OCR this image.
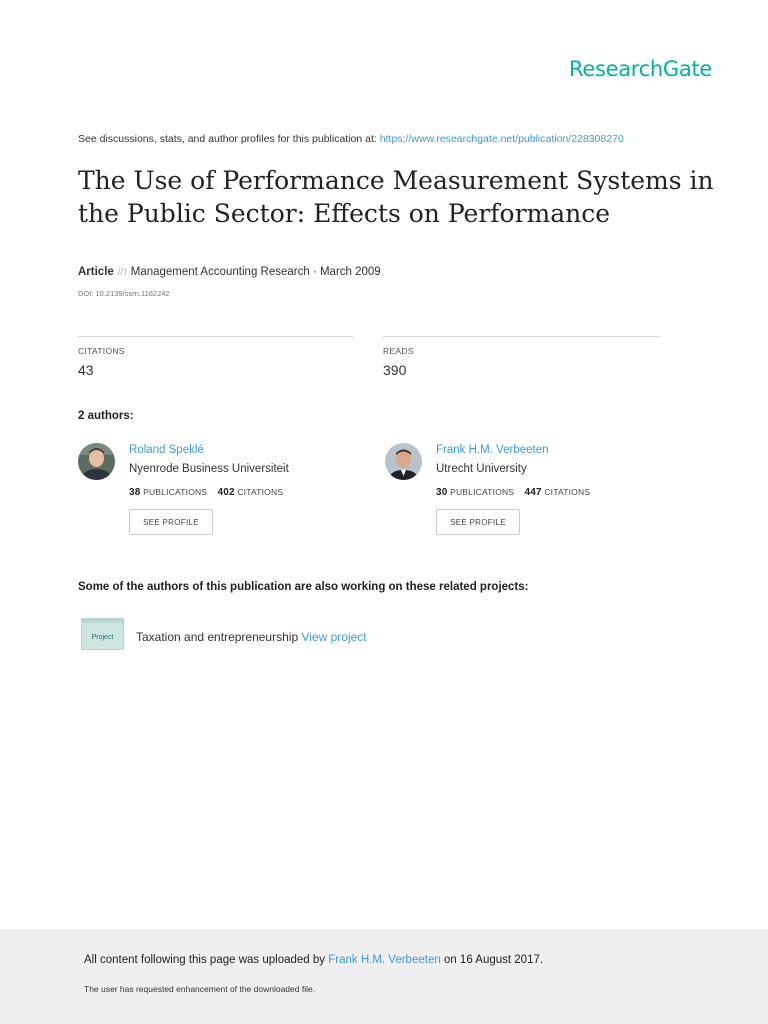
ResearchGate
See discussions, stats, and author profiles for this publication at: https://www.researchgate.net/publication/228308270
The Use of Performance Measurement Systems in the Public Sector: Effects on Performance
Article in Management Accounting Research · March 2009
DOI: 10.2139/ssrn.1162242
CITATIONS
43
READS
390
2 authors:
Roland Speklé
Nyenrode Business Universiteit
38 PUBLICATIONS 402 CITATIONS
SEE PROFILE
Frank H.M. Verbeeten
Utrecht University
30 PUBLICATIONS 447 CITATIONS
SEE PROFILE
Some of the authors of this publication are also working on these related projects:
Project Taxation and entrepreneurship View project
All content following this page was uploaded by Frank H.M. Verbeeten on 16 August 2017.
The user has requested enhancement of the downloaded file.
